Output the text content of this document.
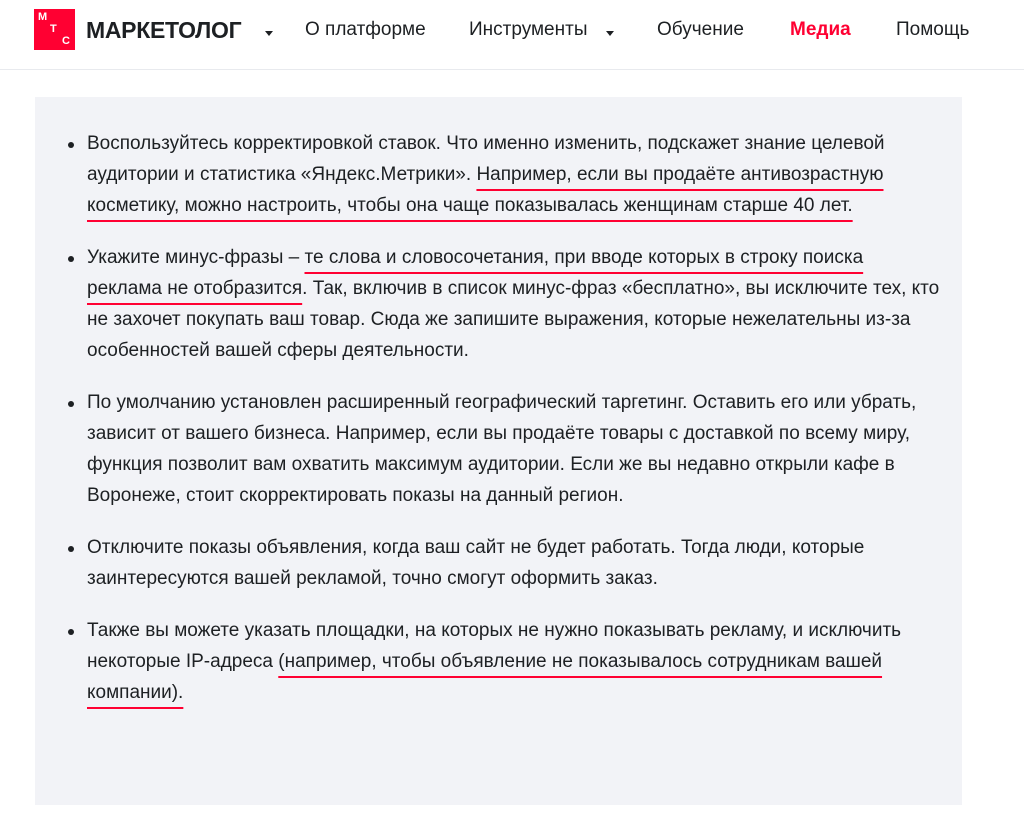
М
Т
С МАРКЕТОЛОГ	О платформе Инструменты	Обучение Медиа Помощь
Воспользуйтесь корректировкой ставок. Что именно изменить, подскажет знание целевой аудитории и статистика «Яндекс.Метрики». Например, если вы продаёте антивозрастную косметику, можно настроить, чтобы она чаще показывалась женщинам старше 40 лет.
Укажите минус-фразы – те слова и словосочетания, при вводе которых в строку поиска реклама не отобразится. Так, включив в список минус-фраз «бесплатно», вы исключите тех, кто не захочет покупать ваш товар. Сюда же запишите выражения, которые нежелательны из-за особенностей вашей сферы деятельности.
По умолчанию установлен расширенный географический таргетинг. Оставить его или убрать, зависит от вашего бизнеса. Например, если вы продаёте товары с доставкой по всему миру, функция позволит вам охватить максимум аудитории. Если же вы недавно открыли кафе в Воронеже, стоит скорректировать показы на данный регион.
Отключите показы объявления, когда ваш сайт не будет работать. Тогда люди, которые заинтересуются вашей рекламой, точно смогут оформить заказ.
Также вы можете указать площадки, на которых не нужно показывать рекламу, и исключить некоторые IP-адреса (например, чтобы объявление не показывалось сотрудникам вашей компании).
